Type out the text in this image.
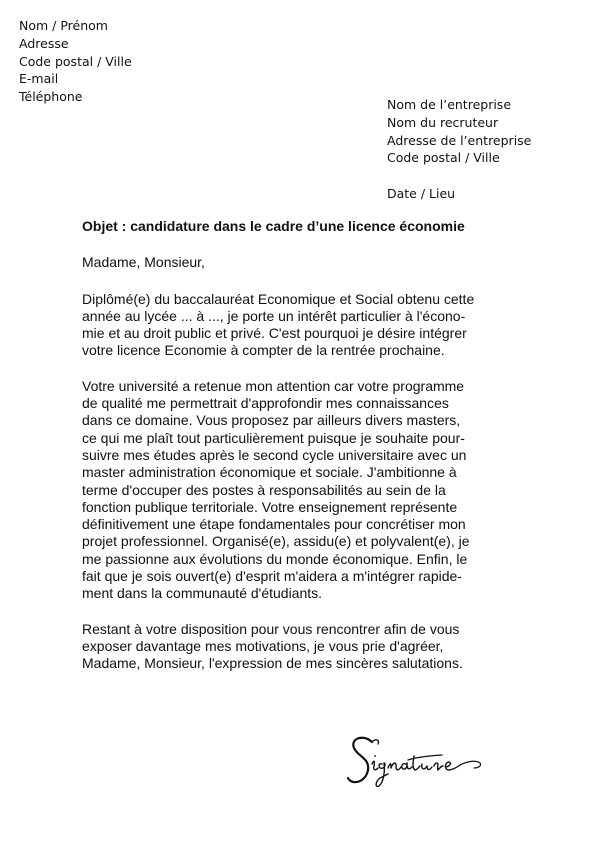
Nom / Prénom
Adresse
Code postal / Ville
E-mail
Téléphone
Nom de l’entreprise
Nom du recruteur
Adresse de l’entreprise
Code postal / Ville
Date / Lieu
Objet : candidature dans le cadre d’une licence économie
Madame, Monsieur,
Diplômé(e) du baccalauréat Economique et Social obtenu cette
année au lycée ... à ..., je porte un intérêt particulier à l'écono-
mie et au droit public et privé. C'est pourquoi je désire intégrer
votre licence Economie à compter de la rentrée prochaine.
Votre université a retenue mon attention car votre programme
de qualité me permettrait d'approfondir mes connaissances
dans ce domaine. Vous proposez par ailleurs divers masters,
ce qui me plaît tout particulièrement puisque je souhaite pour-
suivre mes études après le second cycle universitaire avec un
master administration économique et sociale. J'ambitionne à
terme d'occuper des postes à responsabilités au sein de la
fonction publique territoriale. Votre enseignement représente
définitivement une étape fondamentales pour concrétiser mon
projet professionnel. Organisé(e), assidu(e) et polyvalent(e), je
me passionne aux évolutions du monde économique. Enfin, le
fait que je sois ouvert(e) d'esprit m'aidera a m'intégrer rapide-
ment dans la communauté d'étudiants.
Restant à votre disposition pour vous rencontrer afin de vous
exposer davantage mes motivations, je vous prie d'agréer,
Madame, Monsieur, l'expression de mes sincères salutations.
